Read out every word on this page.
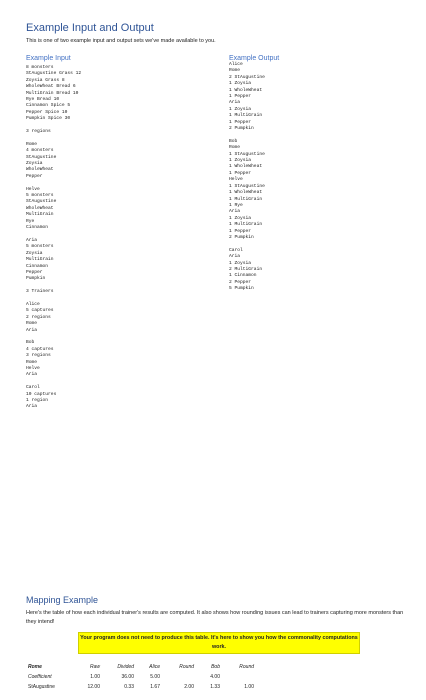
Example Input and Output
This is one of two example input and output sets we've made available to you.
Example Input	Example Output
8 monsters
StAugustine Grass 12
Zoysia Grass 8
WholeWheat Bread 6
MultiGrain Bread 10
Rye Bread 10
Cinnamon Spice 5
Pepper Spice 10
Pumpkin Spice 30
3 regions
Rome
4 monsters
StAugustine
Zoysia
WholeWheat
Pepper
Helve
5 monsters
StAugustine
WholeWheat
MultiGrain
Rye
Cinnamon
Aria
5 monsters
Zoysia
MultiGrain
Cinnamon
Pepper
Pumpkin
3 Trainers
Alice
5 captures
2 regions
Rome
Aria
Bob
4 captures
3 regions
Rome
Helve
Aria
Carol
10 captures
1 region
Aria
Alice
Rome
2 StAugustine
1 Zoysia
1 WholeWheat
1 Pepper
Aria
1 Zoysia
1 MultiGrain
1 Pepper
2 Pumpkin
Bob
Rome
1 StAugustine
1 Zoysia
1 WholeWheat
1 Pepper
Helve
1 StAugustine
1 WholeWheat
1 MultiGrain
1 Rye
Aria
1 Zoysia
1 MultiGrain
1 Pepper
2 Pumpkin
Carol
Aria
1 Zoysia
2 MultiGrain
1 Cinnamon
2 Pepper
5 Pumpkin
Mapping Example
Here's the table of how each individual trainer's results are computed. It also shows how rounding issues can lead to trainers capturing more monsters than they intend!
Your program does not need to produce this table. It's here to show you how the commonality computations work.
Rome	Raw	Divided	Alice	Round	Bob	Round
Coefficient	1.00	36.00	5.00		4.00	
StAugustine	12.00	0.33	1.67	2.00	1.33	1.00
